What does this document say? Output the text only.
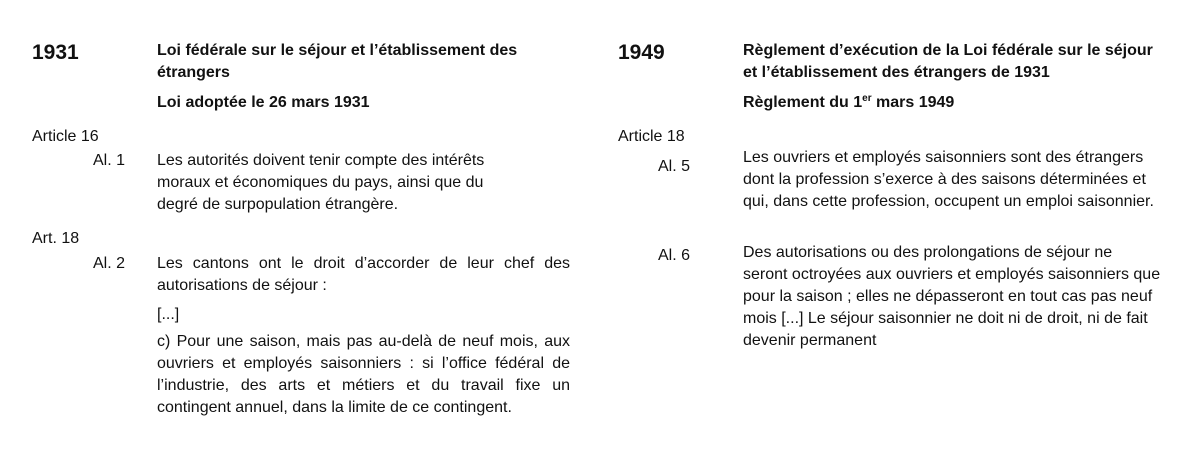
1931	Loi fédérale sur le séjour et l’établissement des étrangers
Loi adoptée le 26 mars 1931
Article 16
Al. 1 Les autorités doivent tenir compte des intérêts moraux et économiques du pays, ainsi que du degré de surpopulation étrangère.
Art. 18
Al. 2 Les cantons ont le droit d’accorder de leur chef des autorisations de séjour :
[...]
c) Pour une saison, mais pas au-delà de neuf mois, aux ouvriers et employés saisonniers : si l’office fédéral de l’industrie, des arts et métiers et du travail fixe un contingent annuel, dans la limite de ce contingent.
1949	Règlement d’exécution de la Loi fédérale sur le séjour et l’établissement des étrangers de 1931
Règlement du 1er mars 1949
Article 18
Al. 5
Les ouvriers et employés saisonniers sont des étrangers dont la profession s’exerce à des saisons déterminées et qui, dans cette profession, occupent un emploi saisonnier.
Al. 6	Des autorisations ou des prolongations de séjour ne seront octroyées aux ouvriers et employés saisonniers que pour la saison ; elles ne dépasseront en tout cas pas neuf mois [...] Le séjour saisonnier ne doit ni de droit, ni de fait devenir permanent
